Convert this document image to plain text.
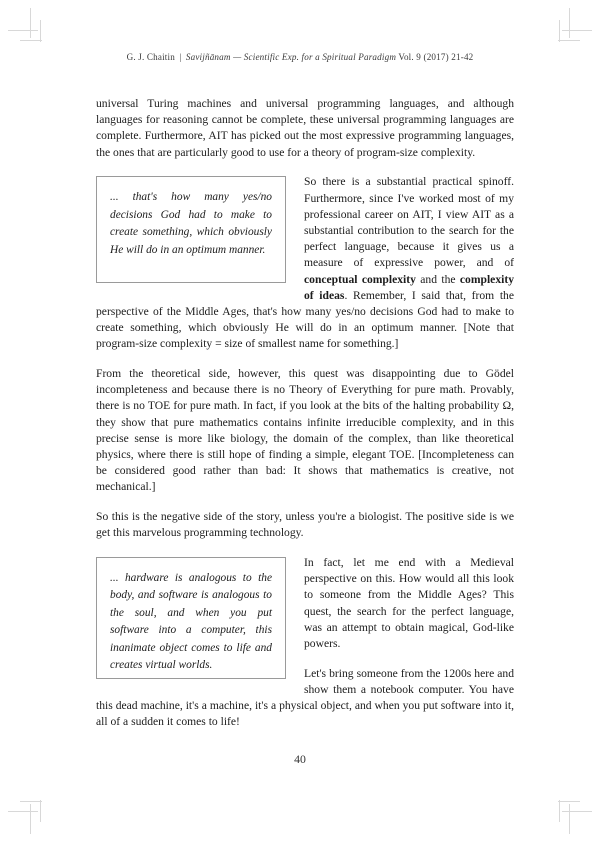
G. J. Chaitin | Savijñānam — Scientific Exp. for a Spiritual Paradigm Vol. 9 (2017) 21-42

universal Turing machines and universal programming languages, and although languages for reasoning cannot be complete, these universal programming languages are complete. Furthermore, AIT has picked out the most expressive programming languages, the ones that are particularly good to use for a theory of program-size complexity.

... that's how many yes/no decisions God had to make to create something, which obviously He will do in an optimum manner.

So there is a substantial practical spinoff. Furthermore, since I've worked most of my professional career on AIT, I view AIT as a substantial contribution to the search for the perfect language, because it gives us a measure of expressive power, and of conceptual complexity and the complexity of ideas. Remember, I said that, from the perspective of the Middle Ages, that's how many yes/no decisions God had to make to create something, which obviously He will do in an optimum manner. [Note that program-size complexity = size of smallest name for something.]

From the theoretical side, however, this quest was disappointing due to Gödel incompleteness and because there is no Theory of Everything for pure math. Provably, there is no TOE for pure math. In fact, if you look at the bits of the halting probability Ω, they show that pure mathematics contains infinite irreducible complexity, and in this precise sense is more like biology, the domain of the complex, than like theoretical physics, where there is still hope of finding a simple, elegant TOE. [Incompleteness can be considered good rather than bad: It shows that mathematics is creative, not mechanical.]

So this is the negative side of the story, unless you're a biologist. The positive side is we get this marvelous programming technology.

... hardware is analogous to the body, and software is analogous to the soul, and when you put software into a computer, this inanimate object comes to life and creates virtual worlds.

In fact, let me end with a Medieval perspective on this. How would all this look to someone from the Middle Ages? This quest, the search for the perfect language, was an attempt to obtain magical, God-like powers.

Let's bring someone from the 1200s here and show them a notebook computer. You have this dead machine, it's a machine, it's a physical object, and when you put software into it, all of a sudden it comes to life!

40
